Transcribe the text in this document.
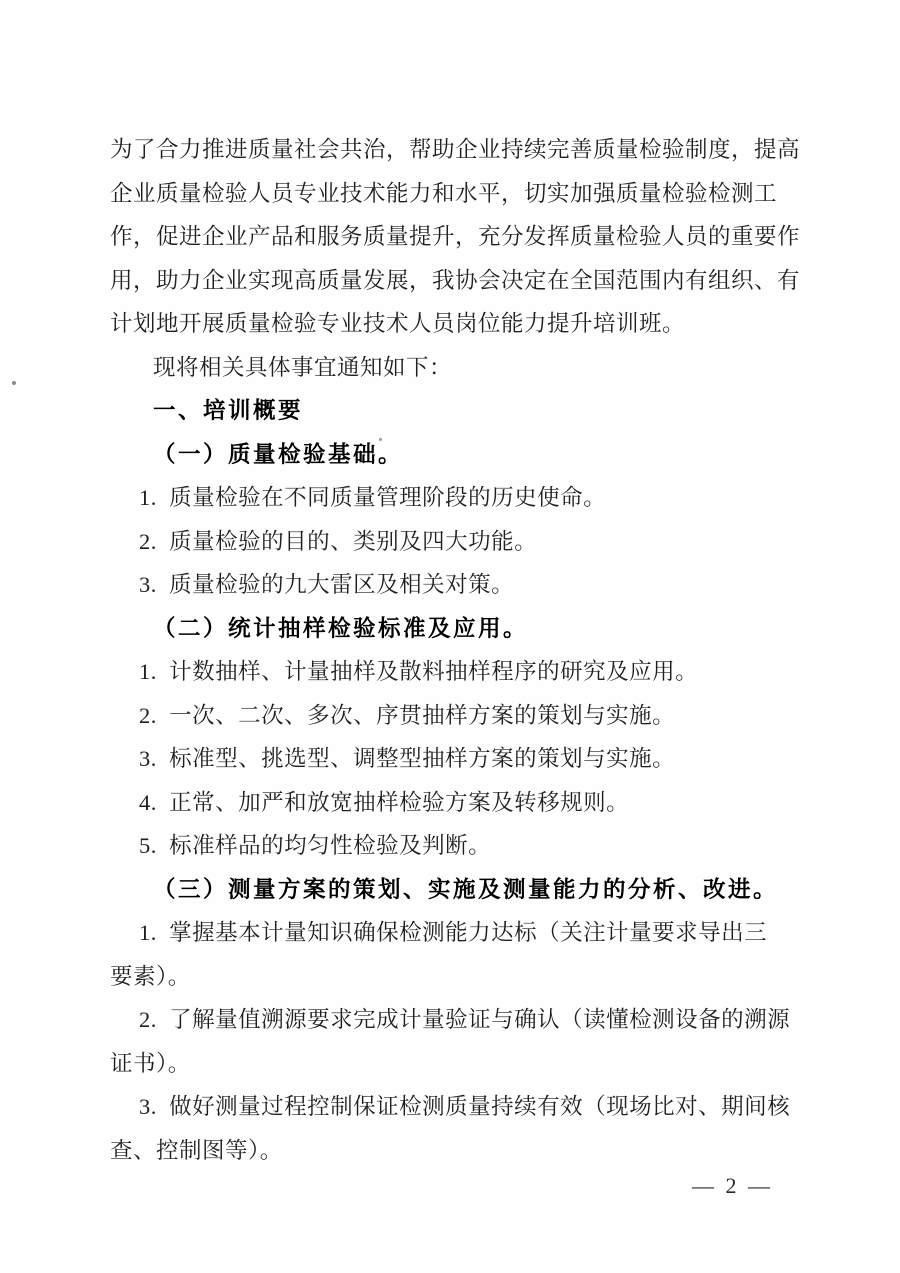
为了合力推进质量社会共治，帮助企业持续完善质量检验制度，提高
企业质量检验人员专业技术能力和水平，切实加强质量检验检测工
作，促进企业产品和服务质量提升，充分发挥质量检验人员的重要作
用，助力企业实现高质量发展，我协会决定在全国范围内有组织、有
计划地开展质量检验专业技术人员岗位能力提升培训班。
现将相关具体事宜通知如下：
一、培训概要
（一）质量检验基础。
1.  质量检验在不同质量管理阶段的历史使命。
2.  质量检验的目的、类别及四大功能。
3.  质量检验的九大雷区及相关对策。
（二）统计抽样检验标准及应用。
1.  计数抽样、计量抽样及散料抽样程序的研究及应用。
2.  一次、二次、多次、序贯抽样方案的策划与实施。
3.  标准型、挑选型、调整型抽样方案的策划与实施。
4.  正常、加严和放宽抽样检验方案及转移规则。
5.  标准样品的均匀性检验及判断。
（三）测量方案的策划、实施及测量能力的分析、改进。
1.  掌握基本计量知识确保检测能力达标（关注计量要求导出三
要素）。
2.  了解量值溯源要求完成计量验证与确认（读懂检测设备的溯源
证书）。
3.  做好测量过程控制保证检测质量持续有效（现场比对、期间核
查、控制图等）。
— 2 —
